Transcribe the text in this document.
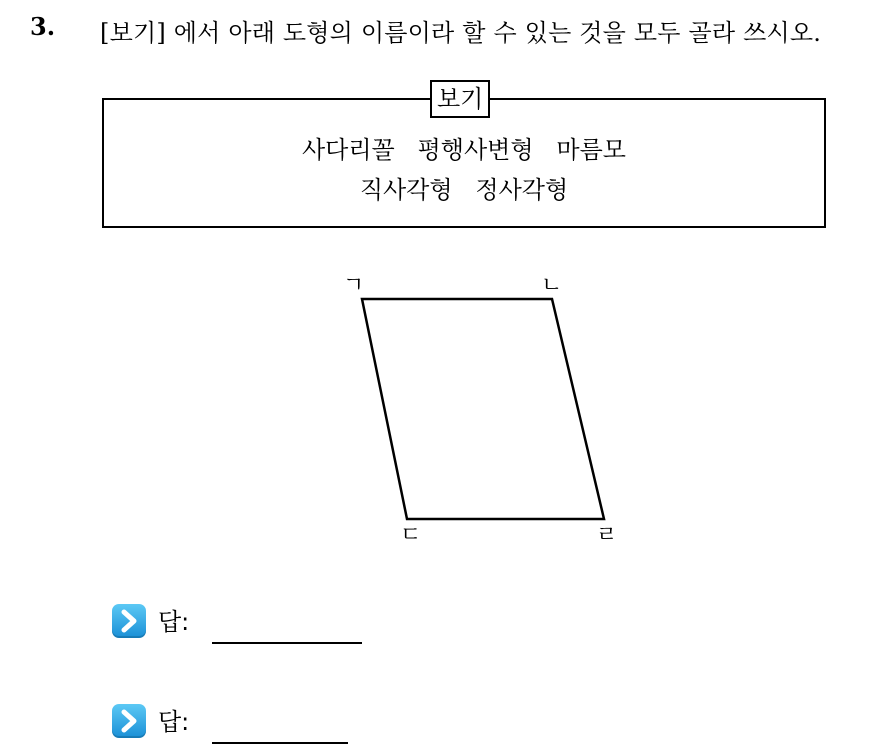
3. [보기] 에서 아래 도형의 이름이라 할 수 있는 것을 모두 골라 쓰시오.
보기
사다리꼴   평행사변형   마름모
직사각형   정사각형
ㄱ	ㄴ
ㄷ	ㄹ
답:
답:
